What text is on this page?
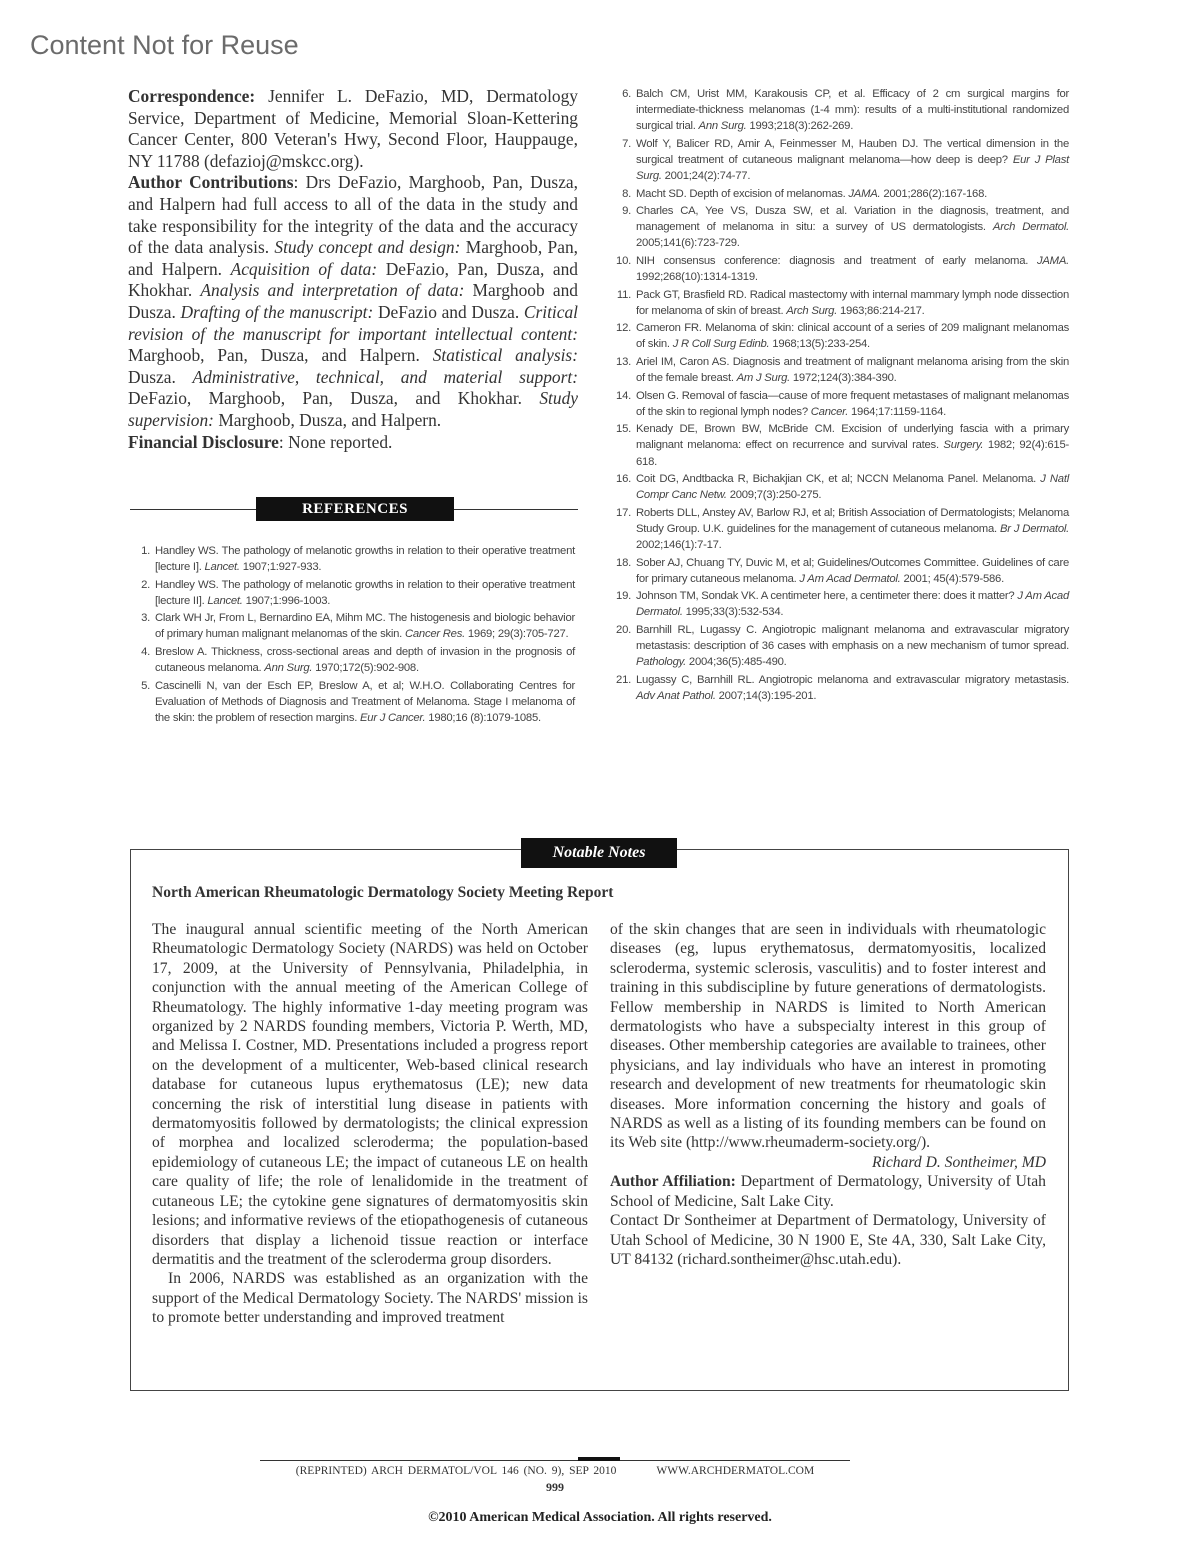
Content Not for Reuse
Correspondence: Jennifer L. DeFazio, MD, Dermatology Service, Department of Medicine, Memorial Sloan-Kettering Cancer Center, 800 Veteran's Hwy, Second Floor, Hauppauge, NY 11788 (defazioj@mskcc.org).
Author Contributions: Drs DeFazio, Marghoob, Pan, Dusza, and Halpern had full access to all of the data in the study and take responsibility for the integrity of the data and the accuracy of the data analysis. Study concept and design: Marghoob, Pan, and Halpern. Acquisition of data: DeFazio, Pan, Dusza, and Khokhar. Analysis and interpretation of data: Marghoob and Dusza. Drafting of the manuscript: DeFazio and Dusza. Critical revision of the manuscript for important intellectual content: Marghoob, Pan, Dusza, and Halpern. Statistical analysis: Dusza. Administrative, technical, and material support: DeFazio, Marghoob, Pan, Dusza, and Khokhar. Study supervision: Marghoob, Dusza, and Halpern.
Financial Disclosure: None reported.
REFERENCES
1. Handley WS. The pathology of melanotic growths in relation to their operative treatment [lecture I]. Lancet. 1907;1:927-933.
2. Handley WS. The pathology of melanotic growths in relation to their operative treatment [lecture II]. Lancet. 1907;1:996-1003.
3. Clark WH Jr, From L, Bernardino EA, Mihm MC. The histogenesis and biologic behavior of primary human malignant melanomas of the skin. Cancer Res. 1969; 29(3):705-727.
4. Breslow A. Thickness, cross-sectional areas and depth of invasion in the prognosis of cutaneous melanoma. Ann Surg. 1970;172(5):902-908.
5. Cascinelli N, van der Esch EP, Breslow A, et al; W.H.O. Collaborating Centres for Evaluation of Methods of Diagnosis and Treatment of Melanoma. Stage I melanoma of the skin: the problem of resection margins. Eur J Cancer. 1980;16 (8):1079-1085.
6. Balch CM, Urist MM, Karakousis CP, et al. Efficacy of 2 cm surgical margins for intermediate-thickness melanomas (1-4 mm): results of a multi-institutional randomized surgical trial. Ann Surg. 1993;218(3):262-269.
7. Wolf Y, Balicer RD, Amir A, Feinmesser M, Hauben DJ. The vertical dimension in the surgical treatment of cutaneous malignant melanoma—how deep is deep? Eur J Plast Surg. 2001;24(2):74-77.
8. Macht SD. Depth of excision of melanomas. JAMA. 2001;286(2):167-168.
9. Charles CA, Yee VS, Dusza SW, et al. Variation in the diagnosis, treatment, and management of melanoma in situ: a survey of US dermatologists. Arch Dermatol. 2005;141(6):723-729.
10. NIH consensus conference: diagnosis and treatment of early melanoma. JAMA. 1992;268(10):1314-1319.
11. Pack GT, Brasfield RD. Radical mastectomy with internal mammary lymph node dissection for melanoma of skin of breast. Arch Surg. 1963;86:214-217.
12. Cameron FR. Melanoma of skin: clinical account of a series of 209 malignant melanomas of skin. J R Coll Surg Edinb. 1968;13(5):233-254.
13. Ariel IM, Caron AS. Diagnosis and treatment of malignant melanoma arising from the skin of the female breast. Am J Surg. 1972;124(3):384-390.
14. Olsen G. Removal of fascia—cause of more frequent metastases of malignant melanomas of the skin to regional lymph nodes? Cancer. 1964;17:1159-1164.
15. Kenady DE, Brown BW, McBride CM. Excision of underlying fascia with a primary malignant melanoma: effect on recurrence and survival rates. Surgery. 1982; 92(4):615-618.
16. Coit DG, Andtbacka R, Bichakjian CK, et al; NCCN Melanoma Panel. Melanoma. J Natl Compr Canc Netw. 2009;7(3):250-275.
17. Roberts DLL, Anstey AV, Barlow RJ, et al; British Association of Dermatologists; Melanoma Study Group. U.K. guidelines for the management of cutaneous melanoma. Br J Dermatol. 2002;146(1):7-17.
18. Sober AJ, Chuang TY, Duvic M, et al; Guidelines/Outcomes Committee. Guidelines of care for primary cutaneous melanoma. J Am Acad Dermatol. 2001; 45(4):579-586.
19. Johnson TM, Sondak VK. A centimeter here, a centimeter there: does it matter? J Am Acad Dermatol. 1995;33(3):532-534.
20. Barnhill RL, Lugassy C. Angiotropic malignant melanoma and extravascular migratory metastasis: description of 36 cases with emphasis on a new mechanism of tumor spread. Pathology. 2004;36(5):485-490.
21. Lugassy C, Barnhill RL. Angiotropic melanoma and extravascular migratory metastasis. Adv Anat Pathol. 2007;14(3):195-201.
Notable Notes
North American Rheumatologic Dermatology Society Meeting Report

The inaugural annual scientific meeting of the North American Rheumatologic Dermatology Society (NARDS) was held on October 17, 2009, at the University of Pennsylvania, Philadelphia, in conjunction with the annual meeting of the American College of Rheumatology. The highly informative 1-day meeting program was organized by 2 NARDS founding members, Victoria P. Werth, MD, and Melissa I. Costner, MD. Presentations included a progress report on the development of a multicenter, Web-based clinical research database for cutaneous lupus erythematosus (LE); new data concerning the risk of interstitial lung disease in patients with dermatomyositis followed by dermatologists; the clinical expression of morphea and localized scleroderma; the population-based epidemiology of cutaneous LE; the impact of cutaneous LE on health care quality of life; the role of lenalidomide in the treatment of cutaneous LE; the cytokine gene signatures of dermatomyositis skin lesions; and informative reviews of the etiopathogenesis of cutaneous disorders that display a lichenoid tissue reaction or interface dermatitis and the treatment of the scleroderma group disorders.

In 2006, NARDS was established as an organization with the support of the Medical Dermatology Society. The NARDS' mission is to promote better understanding and improved treatment

of the skin changes that are seen in individuals with rheumatologic diseases (eg, lupus erythematosus, dermatomyositis, localized scleroderma, systemic sclerosis, vasculitis) and to foster interest and training in this subdiscipline by future generations of dermatologists. Fellow membership in NARDS is limited to North American dermatologists who have a subspecialty interest in this group of diseases. Other membership categories are available to trainees, other physicians, and lay individuals who have an interest in promoting research and development of new treatments for rheumatologic skin diseases. More information concerning the history and goals of NARDS as well as a listing of its founding members can be found on its Web site (http://www.rheumaderm-society.org/).

Richard D. Sontheimer, MD

Author Affiliation: Department of Dermatology, University of Utah School of Medicine, Salt Lake City.

Contact Dr Sontheimer at Department of Dermatology, University of Utah School of Medicine, 30 N 1900 E, Ste 4A, 330, Salt Lake City, UT 84132 (richard.sontheimer@hsc.utah.edu).

(REPRINTED) ARCH DERMATOL/VOL 146 (NO. 9), SEP 2010	WWW.ARCHDERMATOL.COM
999
©2010 American Medical Association. All rights reserved.
